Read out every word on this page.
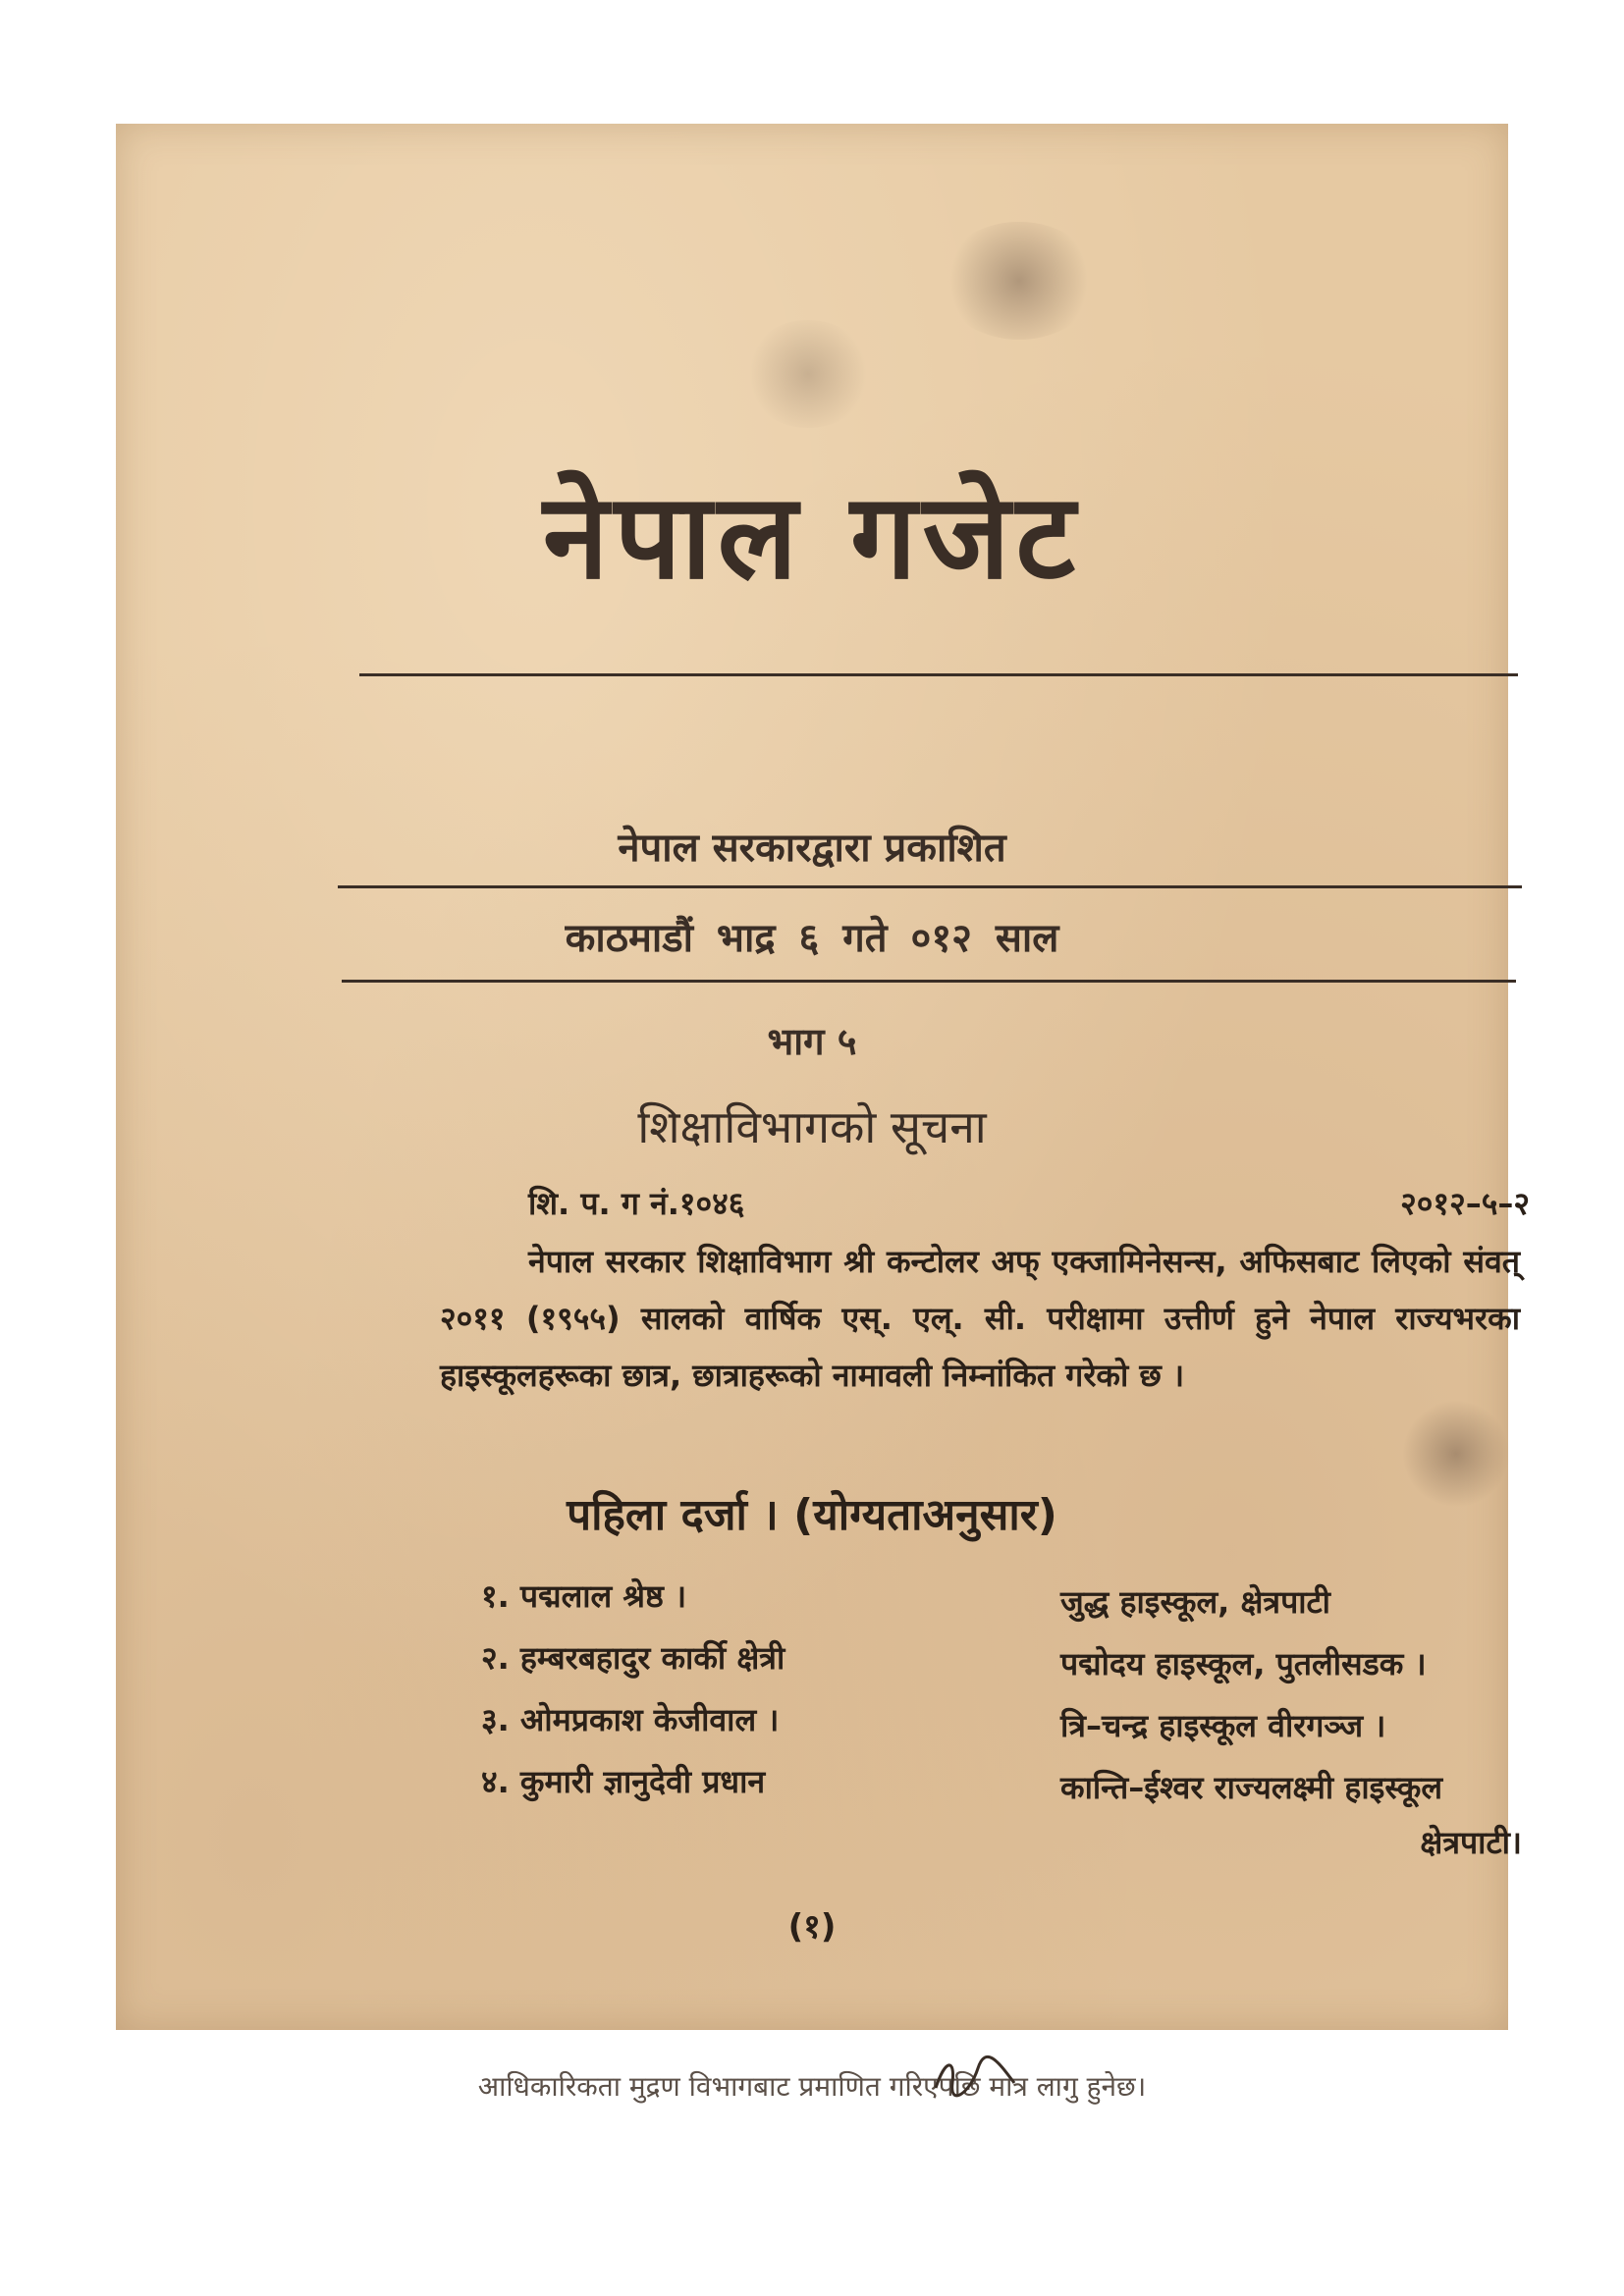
नेपाल गजेट
नेपाल सरकारद्वारा प्रकाशित
काठमाडौं भाद्र ६ गते ०१२ साल
भाग ५
शिक्षाविभागको सूचना
शि. प. ग नं.१०४६	२०१२–५–२
नेपाल सरकार शिक्षाविभाग श्री कन्टोलर अफ् एक्जामिनेसन्स, अफिसबाट लिएको संवत् २०११ (१९५५) सालको वार्षिक एस्. एल्. सी. परीक्षामा उत्तीर्ण हुने नेपाल राज्यभरका हाइस्कूलहरूका छात्र, छात्राहरूको नामावली निम्नांकित गरेको छ ।
पहिला दर्जा । (योग्यताअनुसार)
१. पद्मलाल श्रेष्ठ ।	जुद्ध हाइस्कूल, क्षेत्रपाटी
२. हम्बरबहादुर कार्की क्षेत्री	पद्मोदय हाइस्कूल, पुतलीसडक ।
३. ओमप्रकाश केजीवाल ।	त्रि–चन्द्र हाइस्कूल वीरगञ्ज ।
४. कुमारी ज्ञानुदेवी प्रधान	कान्ति–ईश्वर राज्यलक्ष्मी हाइस्कूल
क्षेत्रपाटी।
(१)
आधिकारिकता मुद्रण विभागबाट प्रमाणित गरिएपछि मात्र लागु हुनेछ।
